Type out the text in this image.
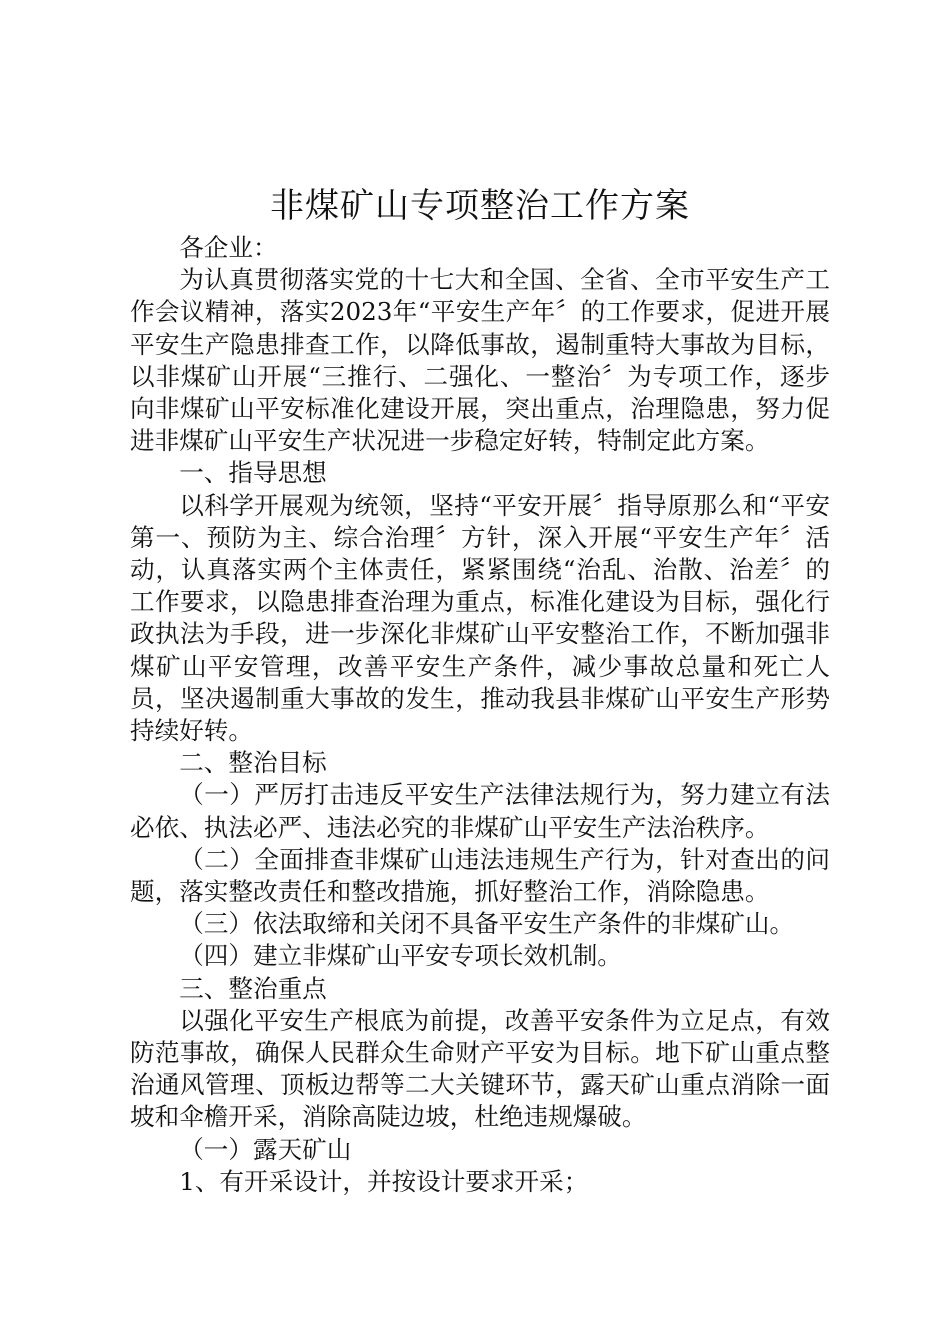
非煤矿山专项整治工作方案

各企业：

为认真贯彻落实党的十七大和全国、全省、全市平安生产工作会议精神，落实2023年“平安生产年〞的工作要求，促进开展平安生产隐患排查工作，以降低事故，遏制重特大事故为目标，以非煤矿山开展“三推行、二强化、一整治〞为专项工作，逐步向非煤矿山平安标准化建设开展，突出重点，治理隐患，努力促进非煤矿山平安生产状况进一步稳定好转，特制定此方案。

一、指导思想

以科学开展观为统领，坚持“平安开展〞指导原那么和“平安第一、预防为主、综合治理〞方针，深入开展“平安生产年〞活动，认真落实两个主体责任，紧紧围绕“治乱、治散、治差〞的工作要求，以隐患排查治理为重点，标准化建设为目标，强化行政执法为手段，进一步深化非煤矿山平安整治工作，不断加强非煤矿山平安管理，改善平安生产条件，减少事故总量和死亡人员，坚决遏制重大事故的发生，推动我县非煤矿山平安生产形势持续好转。

二、整治目标

（一）严厉打击违反平安生产法律法规行为，努力建立有法必依、执法必严、违法必究的非煤矿山平安生产法治秩序。

（二）全面排查非煤矿山违法违规生产行为，针对查出的问题，落实整改责任和整改措施，抓好整治工作，消除隐患。

（三）依法取缔和关闭不具备平安生产条件的非煤矿山。

（四）建立非煤矿山平安专项长效机制。

三、整治重点

以强化平安生产根底为前提，改善平安条件为立足点，有效防范事故，确保人民群众生命财产平安为目标。地下矿山重点整治通风管理、顶板边帮等二大关键环节，露天矿山重点消除一面坡和伞檐开采，消除高陡边坡，杜绝违规爆破。

（一）露天矿山

1、有开采设计，并按设计要求开采；
